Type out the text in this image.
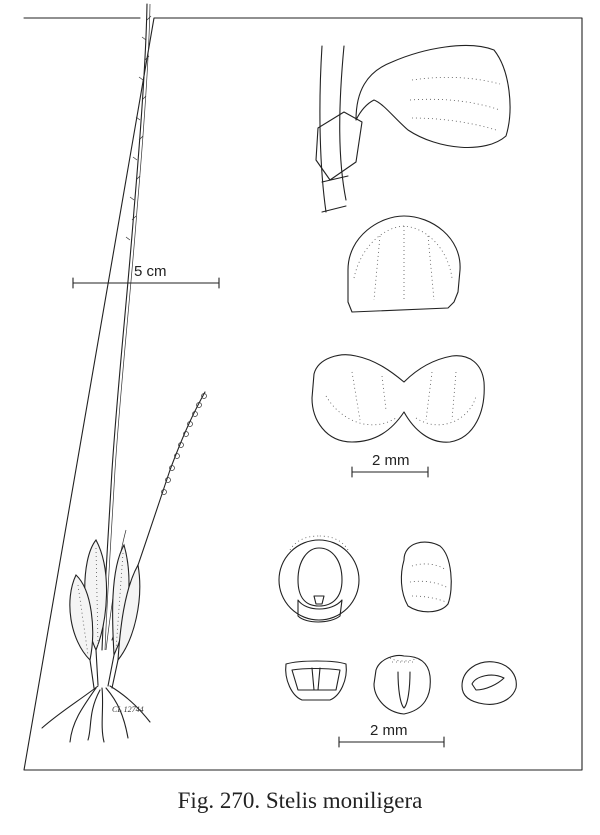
CL 12744
5 cm
2 mm
2 mm
Fig. 270. Stelis moniligera
